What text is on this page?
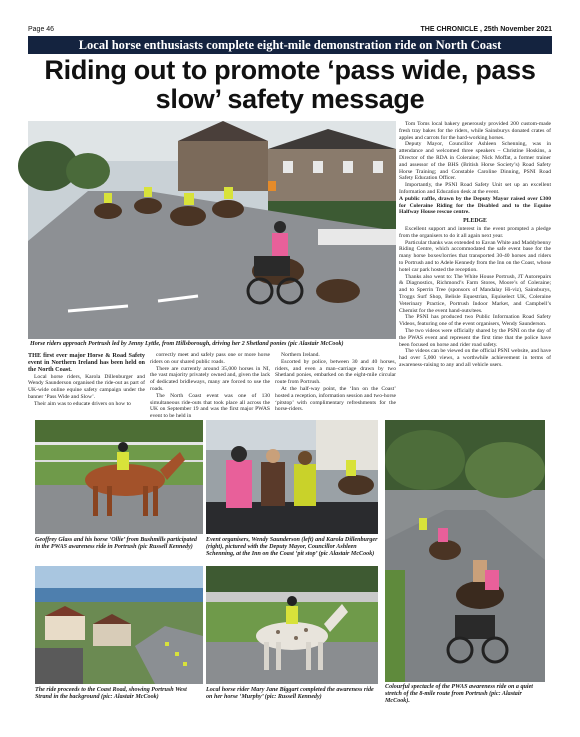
Page 46	THE CHRONICLE , 25th November 2021
Local horse enthusiasts complete eight-mile demonstration ride on North Coast
Riding out to promote ‘pass wide, pass slow’ safety message
Horse riders approach Portrush led by Jenny Lyttle, from Hillsborough, driving her 2 Shetland ponies (pic Alastair McCook)

Tom Toms local bakery generously provided 200 custom-made fresh tray bakes for the riders, while Sainsburys donated crates of apples and carrots for the hard-working horses.

Deputy Mayor, Councillor Ashleen Schenning, was in attendance and welcomed three speakers – Christine Hoskins, a Director of the RDA in Coleraine; Nick Moffat, a former trainer and assessor of the BHS (British Horse Society’s) Road Safety Horse Training; and Constable Caroline Dinning, PSNI Road Safety Education Officer.

Importantly, the PSNI Road Safety Unit set up an excellent Information and Education desk at the event.

A public raffle, drawn by the Deputy Mayor raised over £300 for Coleraine Riding for the Disabled and to the Equine Halfway House rescue centre.

PLEDGE

Excellent support and interest in the event prompted a pledge from the organisers to do it all again next year.

Particular thanks was extended to Eavan White and Maddybenny Riding Centre, which accommodated the safe event base for the many horse boxes/lorries that transported 30-40 horses and riders to Portrush and to Adele Kennedy from the Inn on the Coast, whose hotel car park hosted the reception.

Thanks also went to: The White House Portrush, JT Autorepairs & Diagnostics, Richmond’s Farm Stores, Moore’s of Coleraine; and to Sperrin Tree (sponsors of Mandalay Hi-viz), Sainsburys, Troggs Surf Shop, Belisle Equestrian, Equiselect UK, Coleraine Veterinary Practice, Portrush Indoor Market, and Campbell’s Chemist for the event hand-outs/tees.

The PSNI has produced two Public Information Road Safety Videos, featuring one of the event organisers, Wendy Saunderson.

The two videos were officially shared by the PSNI on the day of the PWAS event and represent the first time that the police have been focused on horse and rider road safety.

The videos can be viewed on the official PSNI website, and have had over 5,000 views, a worthwhile achievement in terms of awareness-raising to any and all vehicle users.

THE first ever major Horse & Road Safety event in Northern Ireland has been held on the North Coast.

Local horse riders, Karola Dillenburger and Wendy Saunderson organised the ride-out as part of UK-wide online equine safety campaign under the banner ‘Pass Wide and Slow’.

Their aim was to educate drivers on how to

correctly meet and safely pass one or more horse riders on our shared public roads.

There are currently around 35,000 horses in NI, the vast majority privately owned and, given the lack of dedicated bridleways, many are forced to use the roads.

The North Coast event was one of 130 simultaneous ride-outs that took place all across the UK on September 19 and was the first major PWAS event to be held in

Northern Ireland.

Escorted by police, between 30 and 40 horses, riders, and even a man–carriage drawn by two Shetland ponies, embarked on the eight-mile circular route from Portrush.

At the half-way point, the ‘Inn on the Coast’ hosted a reception, information session and two-horse ‘pitstop’ with complimentary refreshments for the horse-riders.

Geoffrey Glass and his horse ‘Ollie’ from Bushmills participated in the PWAS awareness ride in Portrush (pic Russell Kennedy)
Event organisers, Wendy Saunderson (left) and Karola Dillenburger (right), pictured with the Deputy Mayor, Councillor Ashleen Schenning, at the Inn on the Coast ‘pit stop’ (pic Alastair McCook)
Colourful spectacle of the PWAS awareness ride on a quiet stretch of the 8-mile route from Portrush (pic: Alastair McCook).
The ride proceeds to the Coast Road, showing Portrush West Strand in the background (pic: Alastair McCook)
Local horse rider Mary Jane Biggart completed the awareness ride on her horse ‘Murphy’ (pic: Russell Kennedy)
